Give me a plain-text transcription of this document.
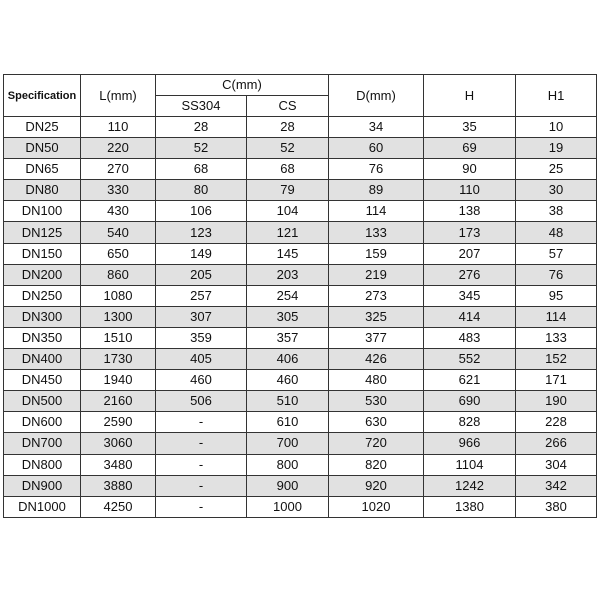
Specification	L(mm)	C(mm)		D(mm)	H	H1
		SS304	CS			
DN25	110	28	28	34	35	10
DN50	220	52	52	60	69	19
DN65	270	68	68	76	90	25
DN80	330	80	79	89	110	30
DN100	430	106	104	114	138	38
DN125	540	123	121	133	173	48
DN150	650	149	145	159	207	57
DN200	860	205	203	219	276	76
DN250	1080	257	254	273	345	95
DN300	1300	307	305	325	414	114
DN350	1510	359	357	377	483	133
DN400	1730	405	406	426	552	152
DN450	1940	460	460	480	621	171
DN500	2160	506	510	530	690	190
DN600	2590	-	610	630	828	228
DN700	3060	-	700	720	966	266
DN800	3480	-	800	820	1104	304
DN900	3880	-	900	920	1242	342
DN1000	4250	-	1000	1020	1380	380
